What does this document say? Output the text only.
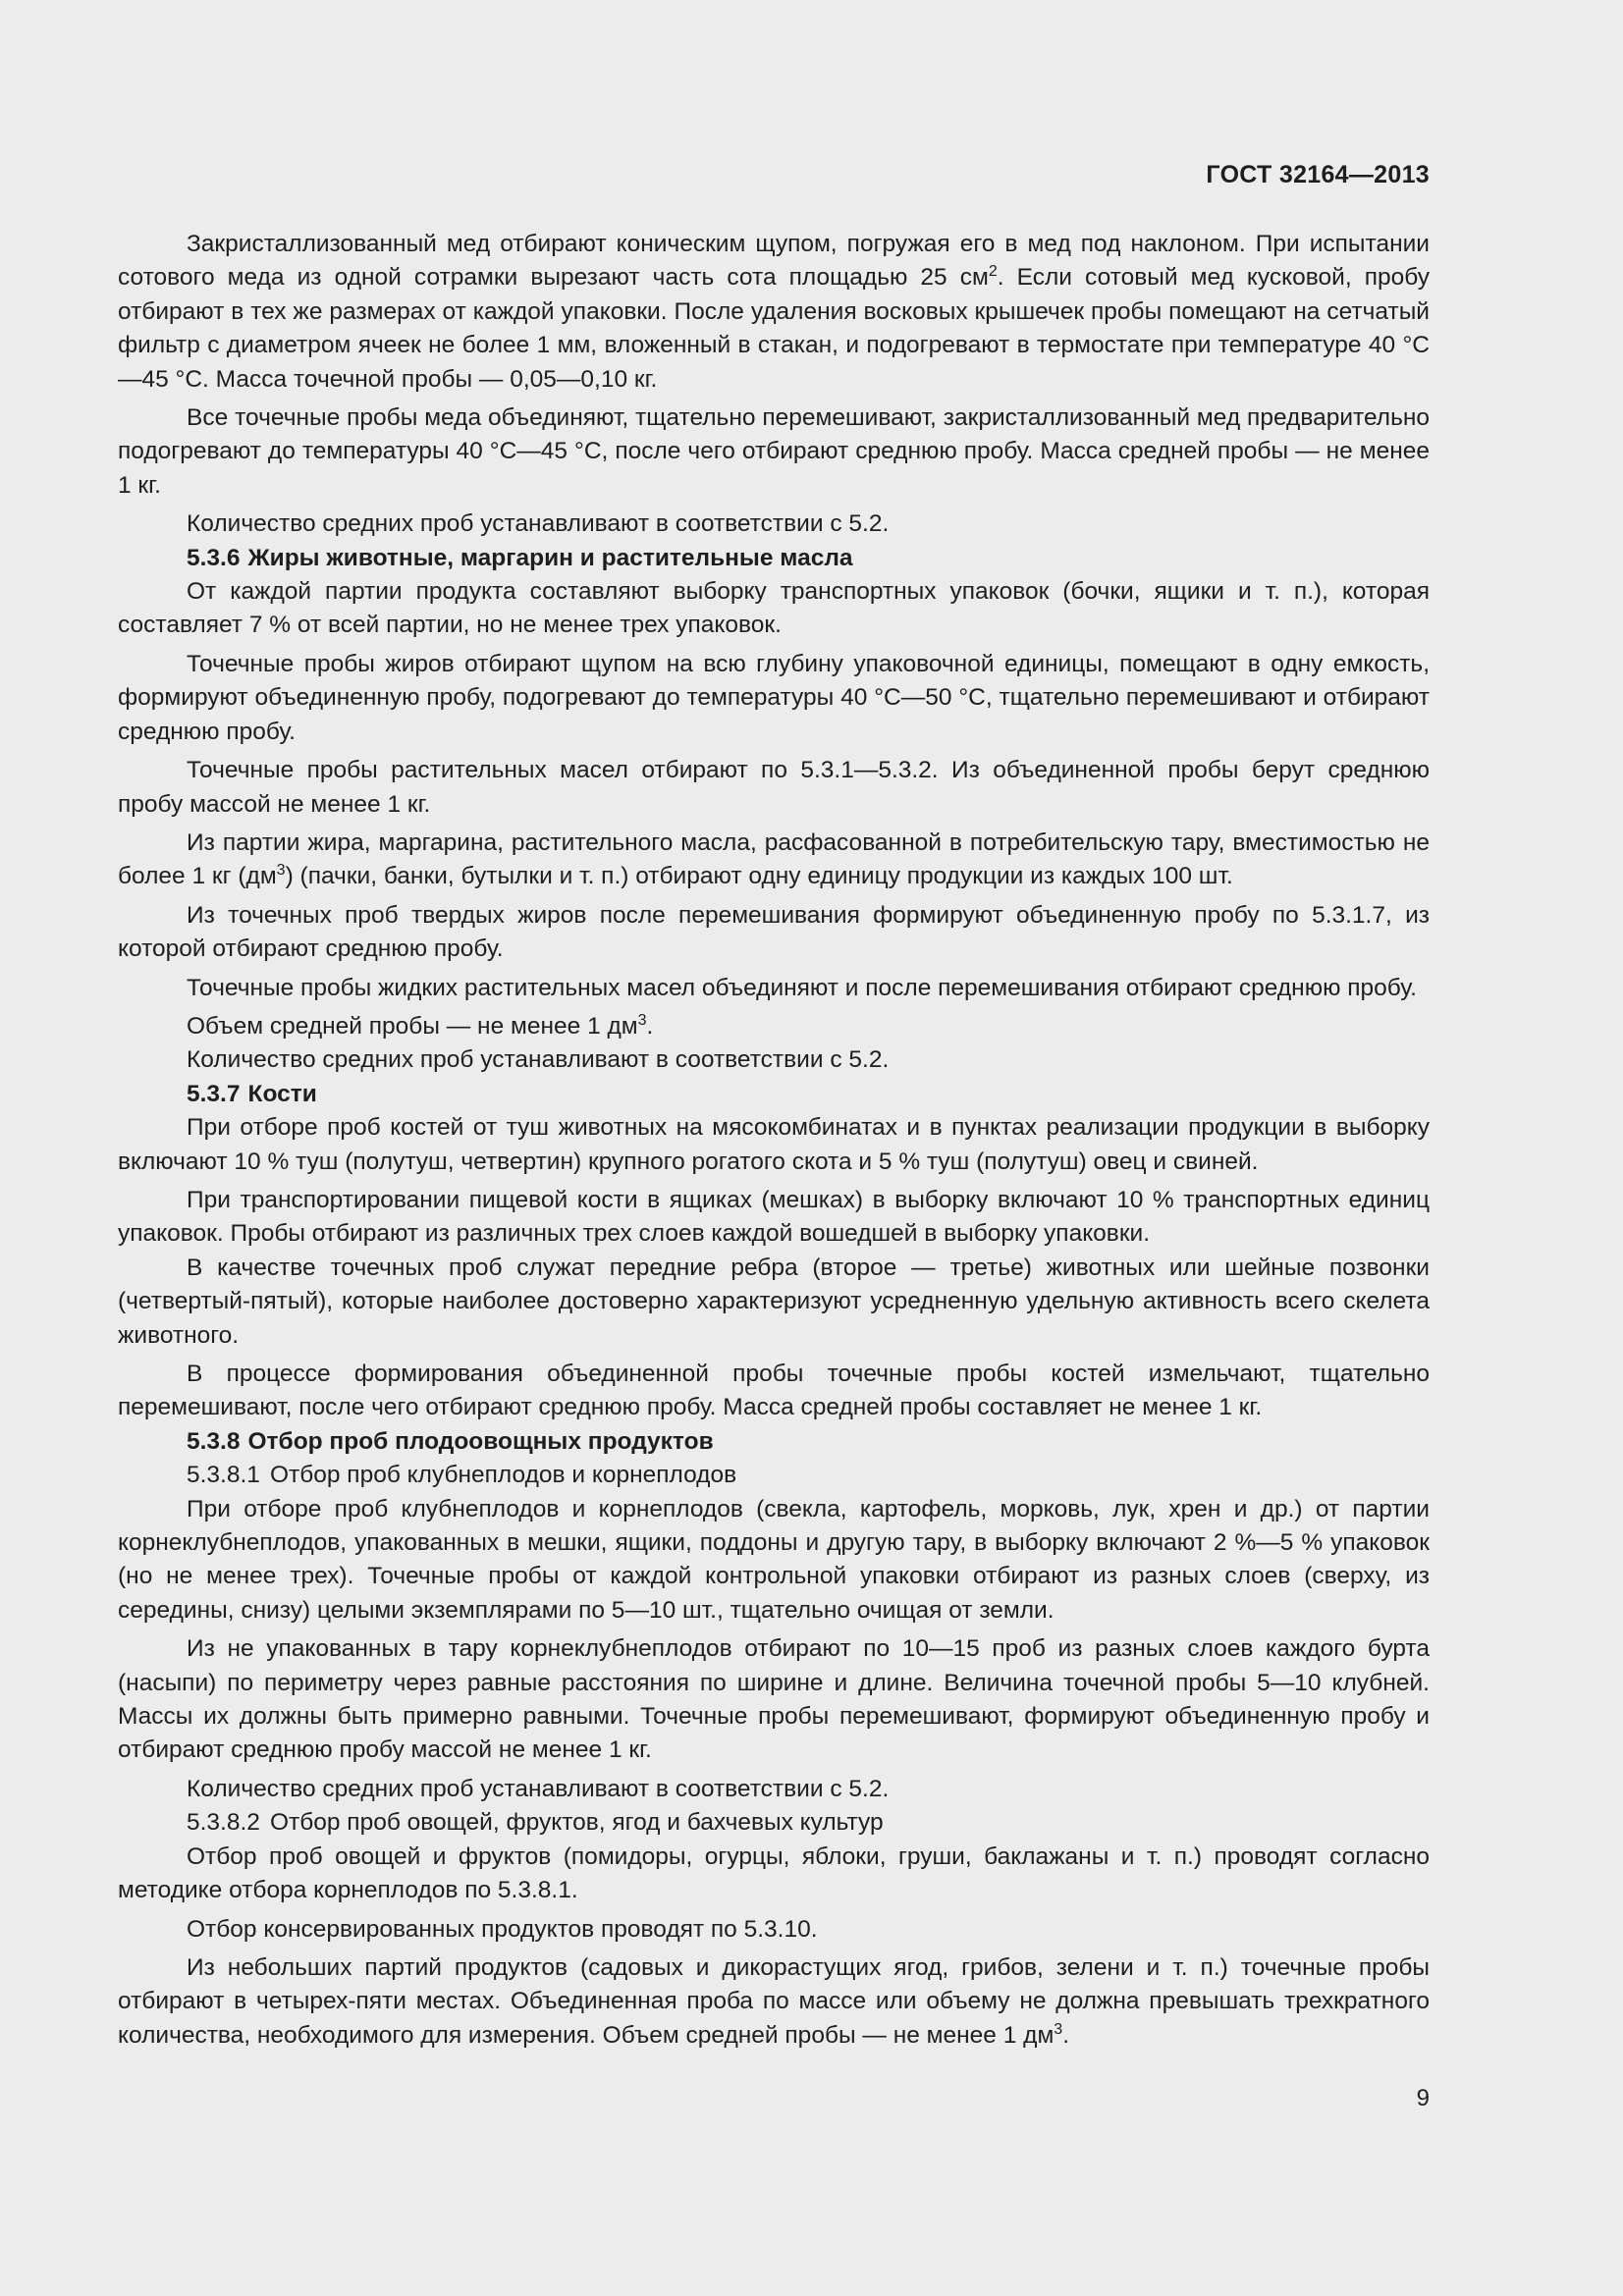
ГОСТ 32164—2013

Закристаллизованный мед отбирают коническим щупом, погружая его в мед под наклоном. При испытании сотового меда из одной сотрамки вырезают часть сота площадью 25 $см^2$. Если сотовый мед кусковой, пробу отбирают в тех же размерах от каждой упаковки. После удаления восковых крышечек пробы помещают на сетчатый фильтр с диаметром ячеек не более 1 мм, вложенный в стакан, и подогревают в термостате при температуре 40 °С—45 °С. Масса точечной пробы — 0,05—0,10 кг.

Все точечные пробы меда объединяют, тщательно перемешивают, закристаллизованный мед предварительно подогревают до температуры 40 °С—45 °С, после чего отбирают среднюю пробу. Масса средней пробы — не менее 1 кг.

Количество средних проб устанавливают в соответствии с 5.2.

5.3.6 Жиры животные, маргарин и растительные масла

От каждой партии продукта составляют выборку транспортных упаковок (бочки, ящики и т. п.), которая составляет 7 % от всей партии, но не менее трех упаковок.

Точечные пробы жиров отбирают щупом на всю глубину упаковочной единицы, помещают в одну емкость, формируют объединенную пробу, подогревают до температуры 40 °С—50 °С, тщательно перемешивают и отбирают среднюю пробу.

Точечные пробы растительных масел отбирают по 5.3.1—5.3.2. Из объединенной пробы берут среднюю пробу массой не менее 1 кг.

Из партии жира, маргарина, растительного масла, расфасованной в потребительскую тару, вместимостью не более 1 кг $(дм^3)$ (пачки, банки, бутылки и т. п.) отбирают одну единицу продукции из каждых 100 шт.

Из точечных проб твердых жиров после перемешивания формируют объединенную пробу по 5.3.1.7, из которой отбирают среднюю пробу.

Точечные пробы жидких растительных масел объединяют и после перемешивания отбирают среднюю пробу.

Объем средней пробы — не менее 1 $дм^3$.

Количество средних проб устанавливают в соответствии с 5.2.

5.3.7 Кости

При отборе проб костей от туш животных на мясокомбинатах и в пунктах реализации продукции в выборку включают 10 % туш (полутуш, четвертин) крупного рогатого скота и 5 % туш (полутуш) овец и свиней.

При транспортировании пищевой кости в ящиках (мешках) в выборку включают 10 % транспортных единиц упаковок. Пробы отбирают из различных трех слоев каждой вошедшей в выборку упаковки.

В качестве точечных проб служат передние ребра (второе — третье) животных или шейные позвонки (четвертый-пятый), которые наиболее достоверно характеризуют усредненную удельную активность всего скелета животного.

В процессе формирования объединенной пробы точечные пробы костей измельчают, тщательно перемешивают, после чего отбирают среднюю пробу. Масса средней пробы составляет не менее 1 кг.

5.3.8 Отбор проб плодоовощных продуктов

5.3.8.1 Отбор проб клубнеплодов и корнеплодов

При отборе проб клубнеплодов и корнеплодов (свекла, картофель, морковь, лук, хрен и др.) от партии корнеклубнеплодов, упакованных в мешки, ящики, поддоны и другую тару, в выборку включают 2 %—5 % упаковок (но не менее трех). Точечные пробы от каждой контрольной упаковки отбирают из разных слоев (сверху, из середины, снизу) целыми экземплярами по 5—10 шт., тщательно очищая от земли.

Из не упакованных в тару корнеклубнеплодов отбирают по 10—15 проб из разных слоев каждого бурта (насыпи) по периметру через равные расстояния по ширине и длине. Величина точечной пробы 5—10 клубней. Массы их должны быть примерно равными. Точечные пробы перемешивают, формируют объединенную пробу и отбирают среднюю пробу массой не менее 1 кг.

Количество средних проб устанавливают в соответствии с 5.2.

5.3.8.2 Отбор проб овощей, фруктов, ягод и бахчевых культур

Отбор проб овощей и фруктов (помидоры, огурцы, яблоки, груши, баклажаны и т. п.) проводят согласно методике отбора корнеплодов по 5.3.8.1.

Отбор консервированных продуктов проводят по 5.3.10.

Из небольших партий продуктов (садовых и дикорастущих ягод, грибов, зелени и т. п.) точечные пробы отбирают в четырех-пяти местах. Объединенная проба по массе или объему не должна превышать трехкратного количества, необходимого для измерения. Объем средней пробы — не менее 1 $дм^3$.

9
